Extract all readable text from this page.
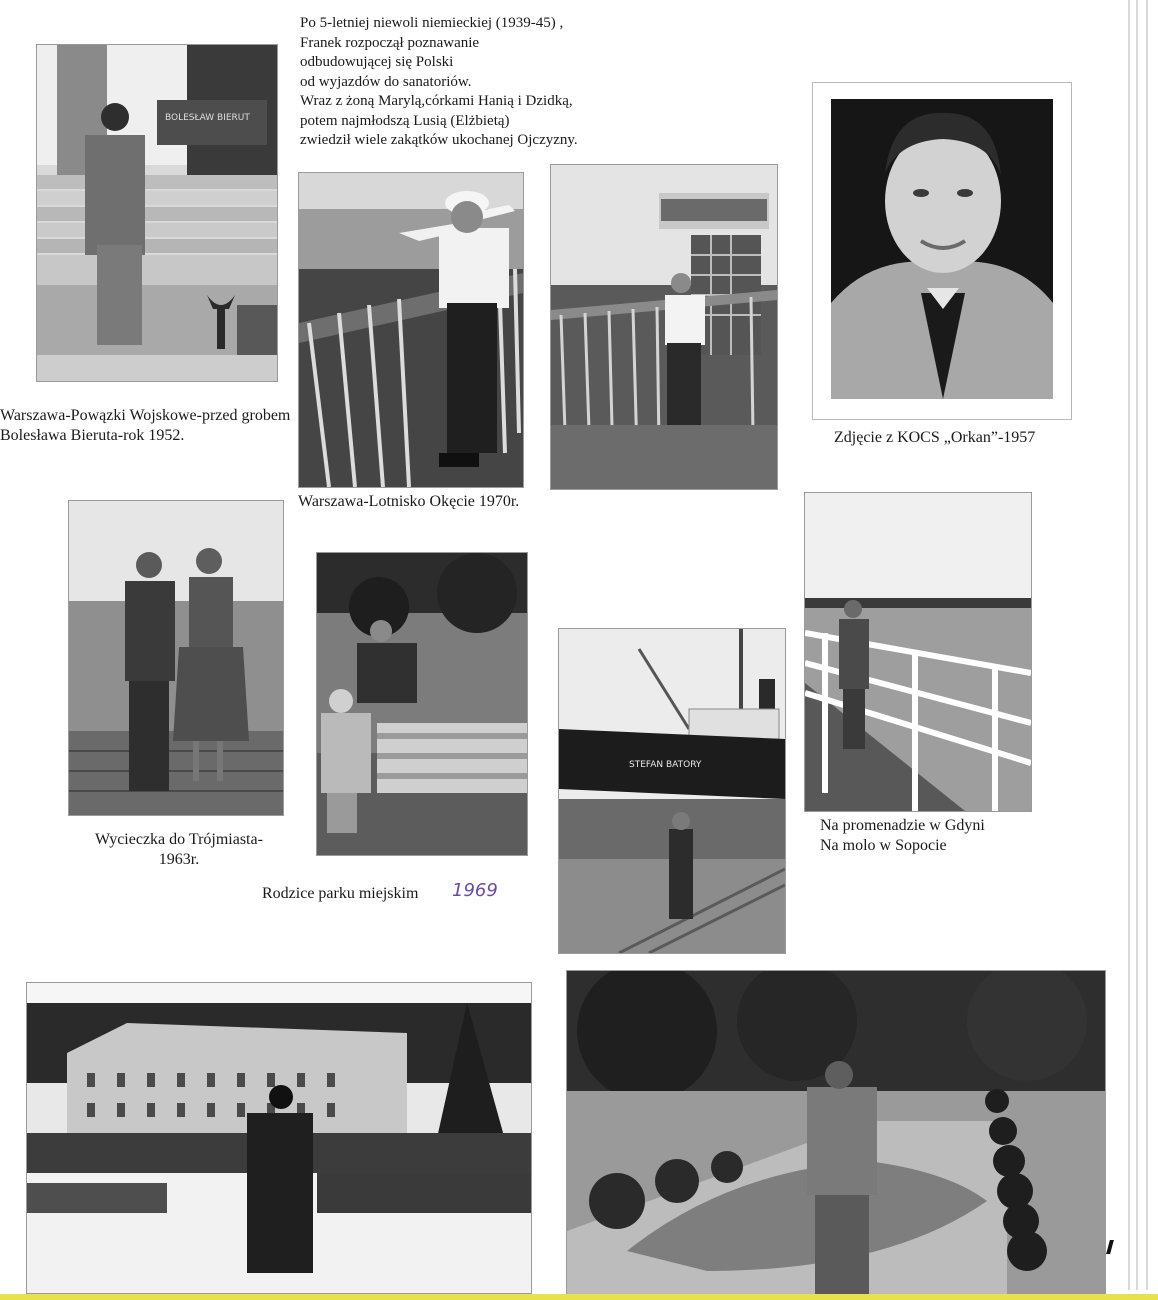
Po 5-letniej niewoli niemieckiej (1939-45) ,
Franek rozpoczął poznawanie
odbudowującej się Polski
od wyjazdów do sanatoriów.
Wraz z żoną Marylą,córkami Hanią i Dzidką,
potem najmłodszą Lusią (Elżbietą)
zwiedził wiele zakątków ukochanej Ojczyzny.
BOLESŁAW BIERUT
Warszawa-Powązki Wojskowe-przed grobem
Bolesława Bieruta-rok 1952.
Warszawa-Lotnisko Okęcie 1970r.
Zdjęcie z KOCS „Orkan”-1957
Wycieczka do Trójmiasta-
1963r.
Rodzice parku miejskim 1969
STEFAN BATORY
Na promenadzie w Gdyni
Na molo w Sopocie
